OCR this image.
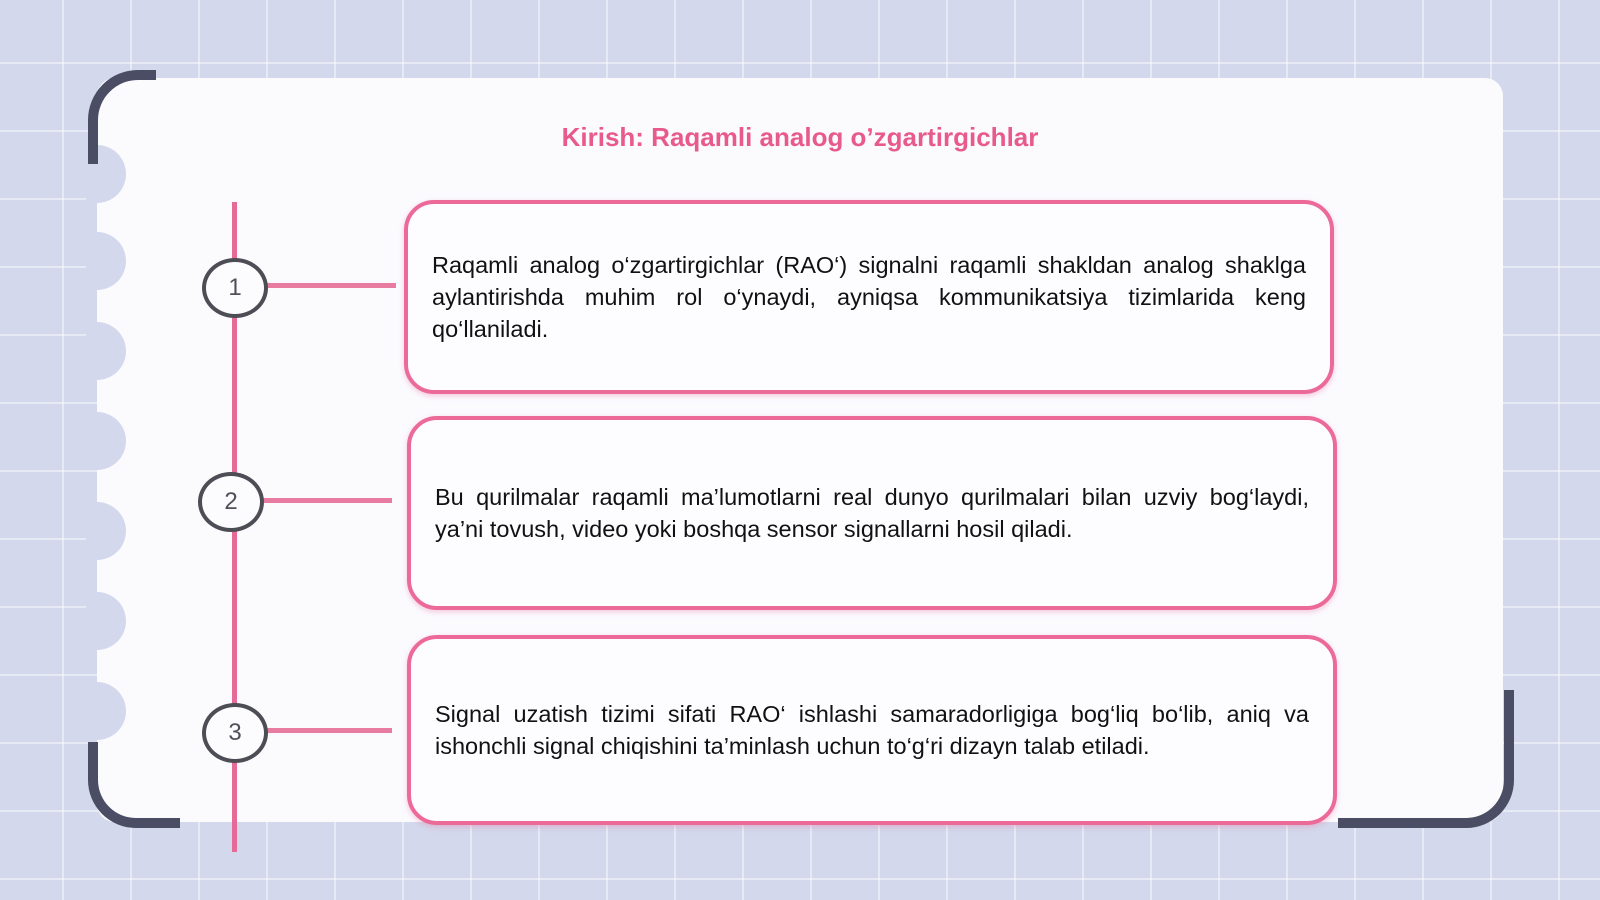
Kirish: Raqamli analog oʼzgartirgichlar
1

Raqamli analog o‘zgartirgichlar (RAO‘) signalni raqamli shakldan analog shaklga aylantirishda muhim rol o‘ynaydi, ayniqsa kommunikatsiya tizimlarida keng qo‘llaniladi.

2	Bu qurilmalar raqamli ma’lumotlarni real dunyo qurilmalari bilan uzviy bog‘laydi, ya’ni tovush, video yoki boshqa sensor signallarni hosil qiladi.

3

Signal uzatish tizimi sifati RAO‘ ishlashi samaradorligiga bog‘liq bo‘lib, aniq va ishonchli signal chiqishini ta’minlash uchun to‘g‘ri dizayn talab etiladi.
